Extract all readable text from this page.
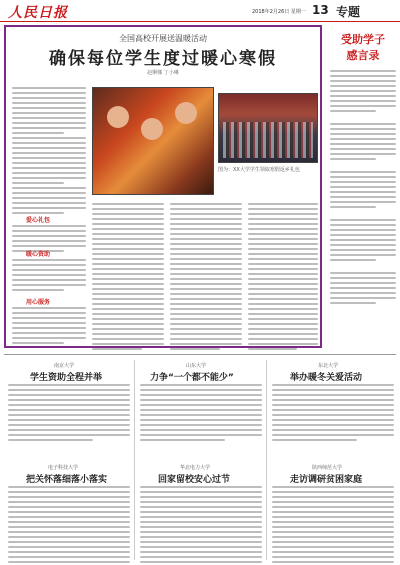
人民日报	2018年2月26日 星期一 13 专题
全国高校开展送温暖活动
确保每位学生度过暖心寒假
赵婀娜 丁小琳
图为：XX大学学生领取寒假返乡礼包
爱心礼包
暖心资助
用心服务
受助学子
感言录
南京大学
学生资助全程并举
山东大学
力争“一个都不能少”
东北大学
举办暖冬关爱活动
电子科技大学
把关怀落细落小落实
华北电力大学
回家留校安心过节
陕西师范大学
走访调研贫困家庭
